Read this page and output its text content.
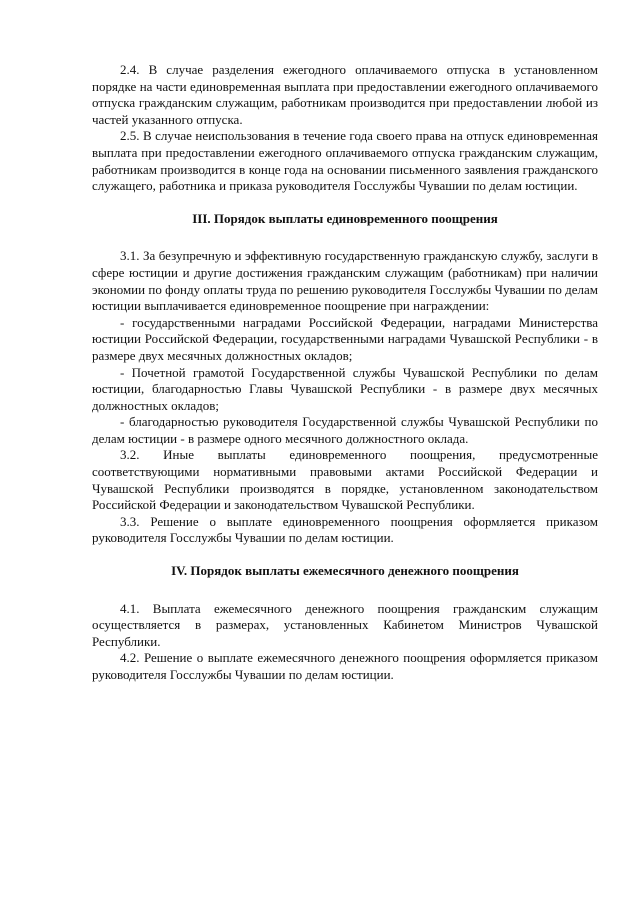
2.4. В случае разделения ежегодного оплачиваемого отпуска в установленном порядке на части единовременная выплата при предоставлении ежегодного оплачиваемого отпуска гражданским служащим, работникам производится при предоставлении любой из частей указанного отпуска.

2.5. В случае неиспользования в течение года своего права на отпуск единовременная выплата при предоставлении ежегодного оплачиваемого отпуска гражданским служащим, работникам производится в конце года на основании письменного заявления гражданского служащего, работника и приказа руководителя Госслужбы Чувашии по делам юстиции.

III. Порядок выплаты единовременного поощрения

3.1. За безупречную и эффективную государственную гражданскую службу, заслуги в сфере юстиции и другие достижения гражданским служащим (работникам) при наличии экономии по фонду оплаты труда по решению руководителя Госслужбы Чувашии по делам юстиции выплачивается единовременное поощрение при награждении:

- государственными наградами Российской Федерации, наградами Министерства юстиции Российской Федерации, государственными наградами Чувашской Республики - в размере двух месячных должностных окладов;

- Почетной грамотой Государственной службы Чувашской Республики по делам юстиции, благодарностью Главы Чувашской Республики - в размере двух месячных должностных окладов;

- благодарностью руководителя Государственной службы Чувашской Республики по делам юстиции - в размере одного месячного должностного оклада.

3.2. Иные выплаты единовременного поощрения, предусмотренные соответствующими нормативными правовыми актами Российской Федерации и Чувашской Республики производятся в порядке, установленном законодательством Российской Федерации и законодательством Чувашской Республики.

3.3. Решение о выплате единовременного поощрения оформляется приказом руководителя Госслужбы Чувашии по делам юстиции.

IV. Порядок выплаты ежемесячного денежного поощрения

4.1. Выплата ежемесячного денежного поощрения гражданским служащим осуществляется в размерах, установленных Кабинетом Министров Чувашской Республики.

4.2. Решение о выплате ежемесячного денежного поощрения оформляется приказом руководителя Госслужбы Чувашии по делам юстиции.
